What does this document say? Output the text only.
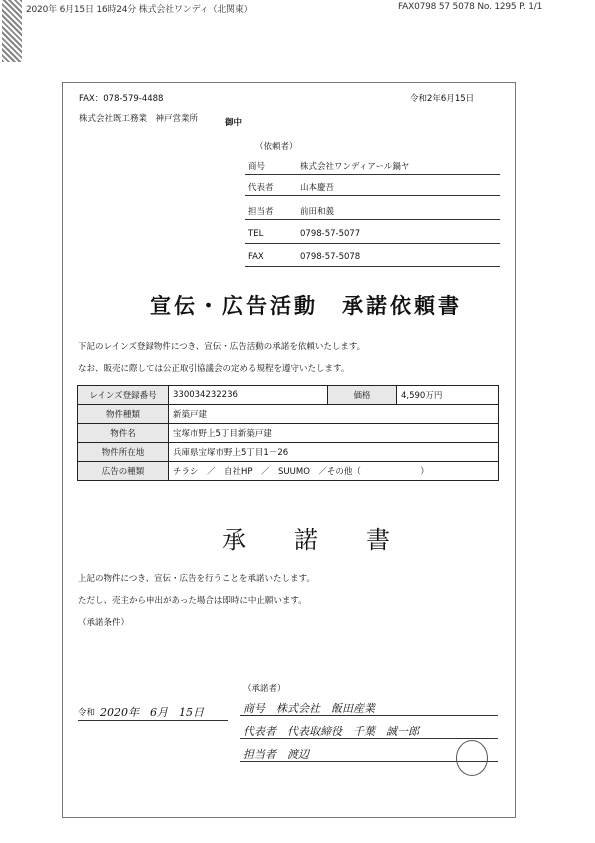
2020年 6月15日 16時24分 株式会社ワンディ（北関東）	FAX0798 57 5078 No. 1295 P. 1/1
FAX：078-579-4488	令和2年6月15日
株式会社既工務業　神戸営業所	御中
（依頼者）
商号	株式会社ワンディアール鍋ヤ
代表者	山本慶吾
担当者	前田和義
TEL	0798-57-5077
FAX	0798-57-5078
宣伝・広告活動　承諾依頼書
下記のレインズ登録物件につき、宣伝・広告活動の承諾を依頼いたします。
なお、販売に際しては公正取引協議会の定める規程を遵守いたします。
レインズ登録番号	330034232236	価格	4,590万円
物件種類	新築戸建		
物件名	宝塚市野上5丁目新築戸建		
物件所在地	兵庫県宝塚市野上5丁目1－26		
広告の種類	チラシ　／　自社HP　／　SUUMO　／その他（　　　　　　　）		
承　　諾　　書
上記の物件につき、宣伝・広告を行うことを承諾いたします。
ただし、売主から申出があった場合は即時に中止願います。
（承諾条件）
（承諾者）
令和 2020年　6月　15日	商号　株式会社　飯田産業
代表者　代表取締役　千葉　誠一郎
担当者　渡辺
